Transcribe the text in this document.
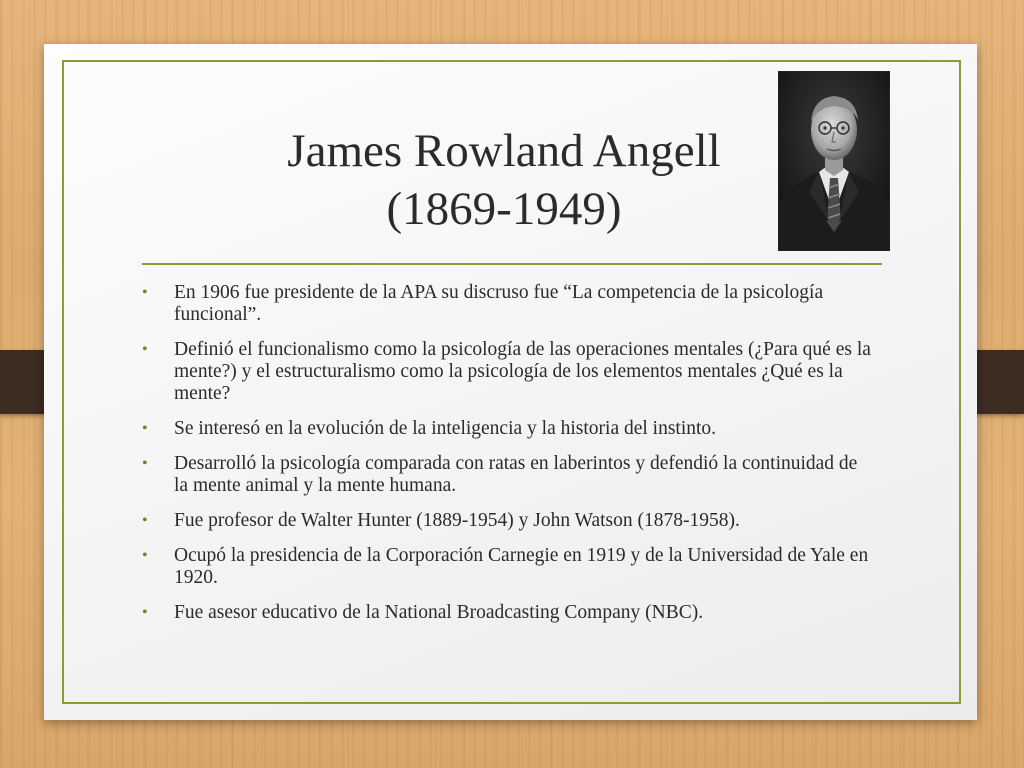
James Rowland Angell
(1869-1949)
• En 1906 fue presidente de la APA su discruso fue “La competencia de la psicología funcional”.
• Definió el funcionalismo como la psicología de las operaciones mentales (¿Para qué es la mente?) y el estructuralismo como la psicología de los elementos mentales ¿Qué es la mente?
• Se interesó en la evolución de la inteligencia y la historia del instinto.
• Desarrolló la psicología comparada con ratas en laberintos y defendió la continuidad de la mente animal y la mente humana.
• Fue profesor de Walter Hunter (1889-1954) y John Watson (1878-1958).
• Ocupó la presidencia de la Corporación Carnegie en 1919 y de la Universidad de Yale en 1920.
• Fue asesor educativo de la National Broadcasting Company (NBC).
